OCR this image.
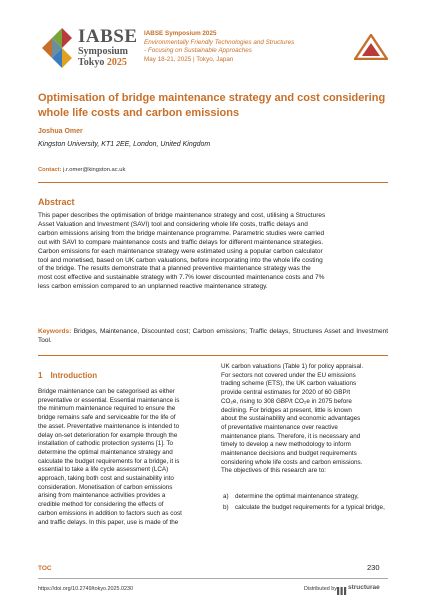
IABSE
Symposium
Tokyo 2025
IABSE Symposium 2025
Environmentally Friendly Technologies and Structures
- Focusing on Sustainable Approaches
May 18-21, 2025 | Tokyo, Japan
Optimisation of bridge maintenance strategy and cost considering
whole life costs and carbon emissions
Joshua Omer
Kingston University, KT1 2EE, London, United Kingdom
Contact: j.r.omer@kingston.ac.uk
Abstract
This paper describes the optimisation of bridge maintenance strategy and cost, utilising a Structures
Asset Valuation and Investment (SAVI) tool and considering whole life costs, traffic delays and
carbon emissions arising from the bridge maintenance programme. Parametric studies were carried
out with SAVI to compare maintenance costs and traffic delays for different maintenance strategies.
Carbon emissions for each maintenance strategy were estimated using a popular carbon calculator
tool and monetised, based on UK carbon valuations, before incorporating into the whole life costing
of the bridge. The results demonstrate that a planned preventive maintenance strategy was the
most cost effective and sustainable strategy with 7.7% lower discounted maintenance costs and 7%
less carbon emission compared to an unplanned reactive maintenance strategy.
Keywords: Bridges, Maintenance, Discounted cost; Carbon emissions; Traffic delays, Structures Asset and Investment Tool.
1 Introduction
Bridge maintenance can be categorised as either
preventative or essential. Essential maintenance is
the minimum maintenance required to ensure the
bridge remains safe and serviceable for the life of
the asset. Preventative maintenance is intended to
delay on-set deterioration for example through the
installation of cathodic protection systems [1]. To
determine the optimal maintenance strategy and
calculate the budget requirements for a bridge, it is
essential to take a life cycle assessment (LCA)
approach, taking both cost and sustainability into
consideration. Monetisation of carbon emissions
arising from maintenance activities provides a
credible method for considering the effects of
carbon emissions in addition to factors such as cost
and traffic delays. In this paper, use is made of the
UK carbon valuations (Table 1) for policy appraisal.
For sectors not covered under the EU emissions
trading scheme (ETS), the UK carbon valuations
provide central estimates for 2020 of 60 GBP/t
CO₂e, rising to 308 GBP/t CO₂e in 2075 before
declining. For bridges at present, little is known
about the sustainability and economic advantages
of preventative maintenance over reactive
maintenance plans. Therefore, it is necessary and
timely to develop a new methodology to inform
maintenance decisions and budget requirements
considering whole life costs and carbon emissions.
The objectives of this research are to:
a)	determine the optimal maintenance strategy,
b)	calculate the budget requirements for a typical bridge,
TOC	230
https://doi.org/10.2749/tokyo.2025.0230	Distributed by structurae
